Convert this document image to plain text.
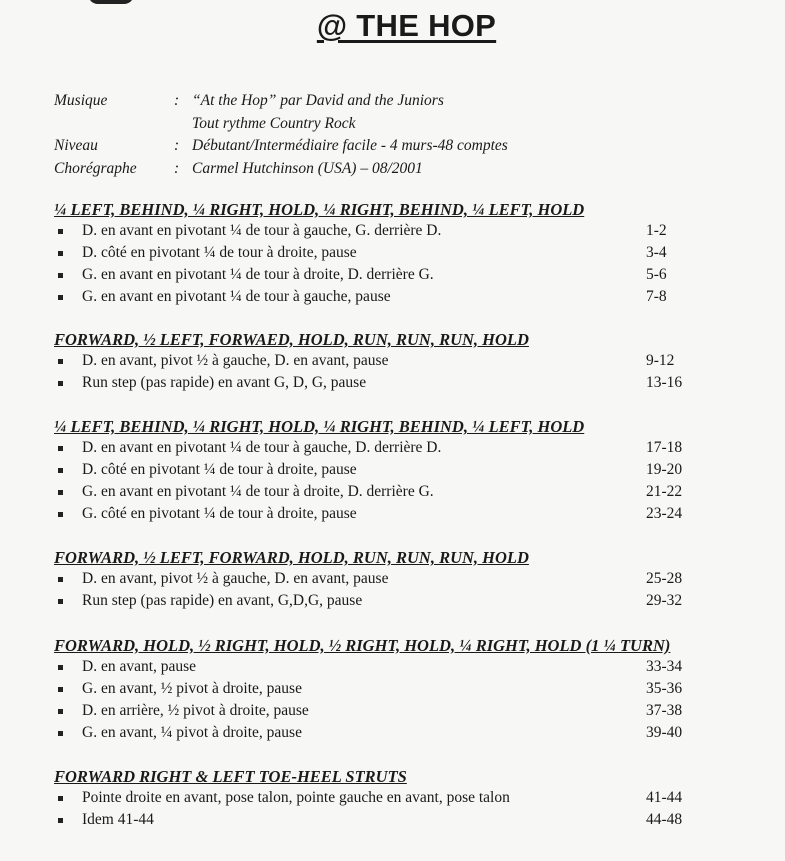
@ THE HOP
Musique	: “At the Hop” par David and the Juniors
Tout rythme Country Rock
Niveau	: Débutant/Intermédiaire facile - 4 murs-48 comptes
Chorégraphe	: Carmel Hutchinson (USA) – 08/2001
¼ LEFT, BEHIND, ¼ RIGHT, HOLD, ¼ RIGHT, BEHIND, ¼ LEFT, HOLD
D. en avant en pivotant ¼ de tour à gauche, G. derrière D.	1-2
D. côté en pivotant ¼ de tour à droite, pause	3-4
G. en avant en pivotant ¼ de tour à droite, D. derrière G.	5-6
G. en avant en pivotant ¼ de tour à gauche, pause	7-8
FORWARD, ½ LEFT, FORWAED, HOLD, RUN, RUN, RUN, HOLD
D. en avant, pivot ½ à gauche, D. en avant, pause	9-12
Run step (pas rapide) en avant G, D, G, pause	13-16
¼ LEFT, BEHIND, ¼ RIGHT, HOLD, ¼ RIGHT, BEHIND, ¼ LEFT, HOLD
D. en avant en pivotant ¼ de tour à gauche, D. derrière D.	17-18
D. côté en pivotant ¼ de tour à droite, pause	19-20
G. en avant en pivotant ¼ de tour à droite, D. derrière G.	21-22
G. côté en pivotant ¼ de tour à droite, pause	23-24
FORWARD, ½ LEFT, FORWARD, HOLD, RUN, RUN, RUN, HOLD
D. en avant, pivot ½ à gauche, D. en avant, pause	25-28
Run step (pas rapide) en avant, G,D,G, pause	29-32
FORWARD, HOLD, ½ RIGHT, HOLD, ½ RIGHT, HOLD, ¼ RIGHT, HOLD (1 ¼ TURN)
D. en avant, pause	33-34
G. en avant, ½ pivot à droite, pause	35-36
D. en arrière, ½ pivot à droite, pause	37-38
G. en avant, ¼ pivot à droite, pause	39-40
FORWARD RIGHT & LEFT TOE-HEEL STRUTS
Pointe droite en avant, pose talon, pointe gauche en avant, pose talon	41-44
Idem 41-44	44-48
